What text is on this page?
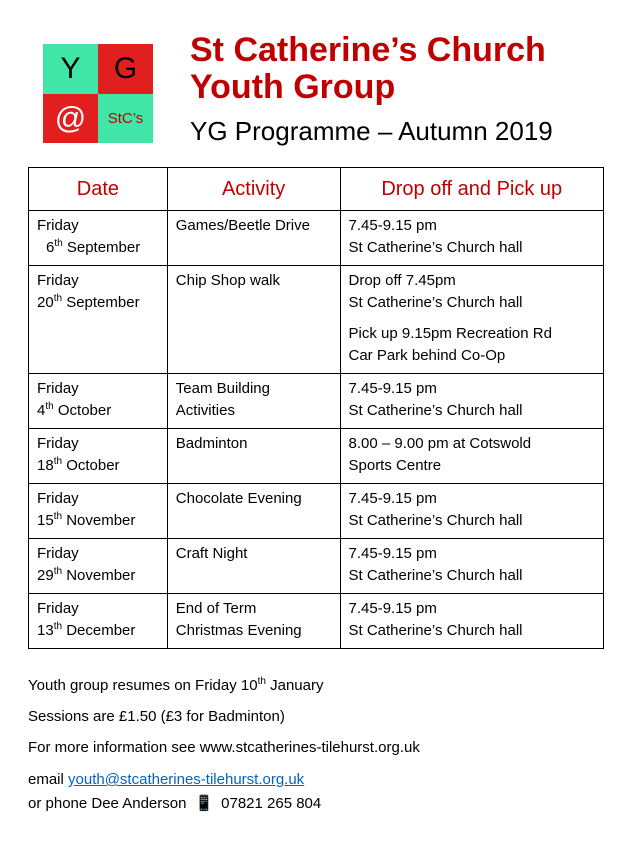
Y	G
@	StC’s
St Catherine’s Church
Youth Group
YG Programme – Autumn 2019
Date	Activity	Drop off and Pick up

Friday
6th September	Games/Beetle Drive	7.45-9.15 pm
St Catherine’s Church hall

Friday
20th September	Chip Shop walk	Drop off 7.45pm
St Catherine’s Church hall
Pick up 9.15pm Recreation Rd
Car Park behind Co-Op

Friday
4th October	Team Building
Activities	7.45-9.15 pm
St Catherine’s Church hall

Friday
18th October	Badminton	8.00 – 9.00 pm at Cotswold
Sports Centre

Friday
15th November	Chocolate Evening	7.45-9.15 pm
St Catherine’s Church hall

Friday
29th November	Craft Night	7.45-9.15 pm
St Catherine’s Church hall

Friday
13th December	End of Term
Christmas Evening	7.45-9.15 pm
St Catherine’s Church hall
Youth group resumes on Friday 10th January
Sessions are £1.50 (£3 for Badminton)
For more information see www.stcatherines-tilehurst.org.uk
email youth@stcatherines-tilehurst.org.uk
or phone Dee Anderson 📱 07821 265 804
